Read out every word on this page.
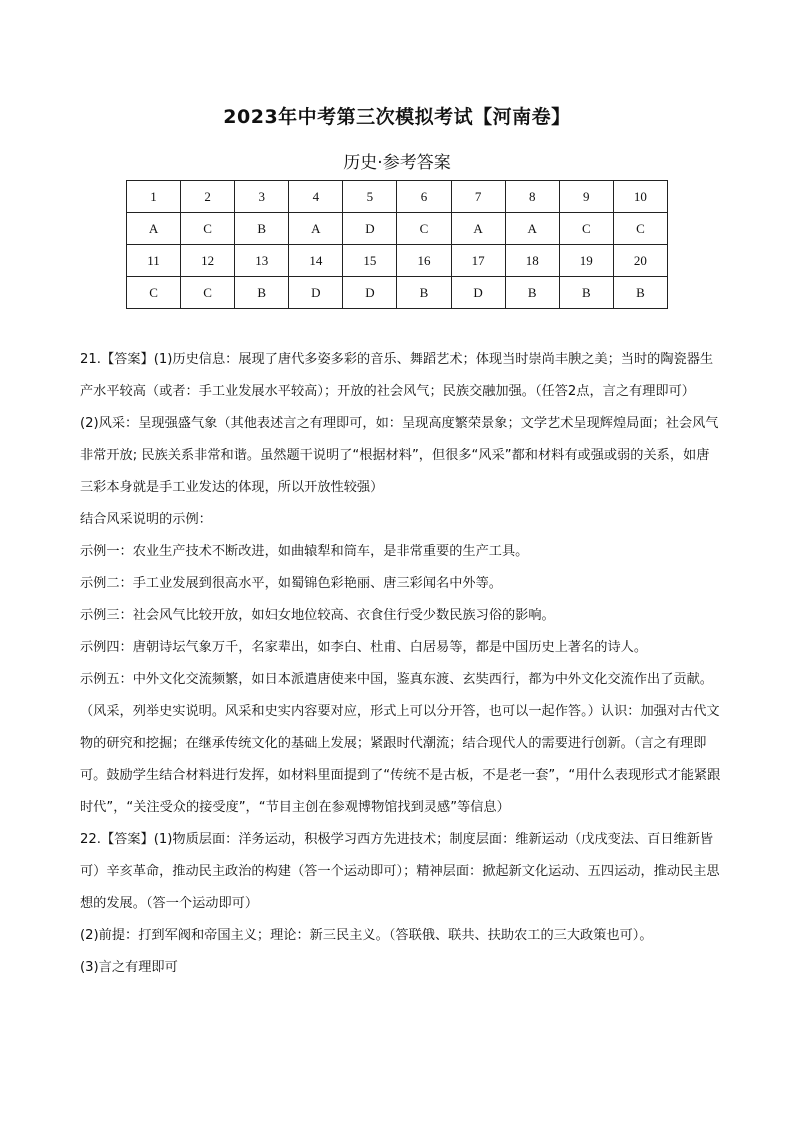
2023年中考第三次模拟考试【河南卷】
历史·参考答案
1	2	3	4	5	6	7	8	9	10
A	C	B	A	D	C	A	A	C	C
11	12	13	14	15	16	17	18	19	20
C	C	B	D	D	B	D	B	B	B

21.【答案】(1)历史信息：展现了唐代多姿多彩的音乐、舞蹈艺术；体现当时崇尚丰腴之美；当时的陶瓷器生产水平较高（或者：手工业发展水平较高）；开放的社会风气；民族交融加强。（任答2点，言之有理即可）

(2)风采：呈现强盛气象（其他表述言之有理即可，如：呈现高度繁荣景象；文学艺术呈现辉煌局面；社会风气非常开放; 民族关系非常和谐。虽然题干说明了“根据材料”，但很多“风采”都和材料有或强或弱的关系，如唐三彩本身就是手工业发达的体现，所以开放性较强）

结合风采说明的示例：

示例一：农业生产技术不断改进，如曲辕犁和筒车，是非常重要的生产工具。

示例二：手工业发展到很高水平，如蜀锦色彩艳丽、唐三彩闻名中外等。

示例三：社会风气比较开放，如妇女地位较高、衣食住行受少数民族习俗的影响。

示例四：唐朝诗坛气象万千，名家辈出，如李白、杜甫、白居易等，都是中国历史上著名的诗人。

示例五：中外文化交流频繁，如日本派遣唐使来中国，鉴真东渡、玄奘西行，都为中外文化交流作出了贡献。（风采，列举史实说明。风采和史实内容要对应，形式上可以分开答，也可以一起作答。）认识：加强对古代文物的研究和挖掘；在继承传统文化的基础上发展；紧跟时代潮流；结合现代人的需要进行创新。（言之有理即可。鼓励学生结合材料进行发挥，如材料里面提到了“传统不是古板，不是老一套”，“用什么表现形式才能紧跟时代”，“关注受众的接受度”，“节目主创在参观博物馆找到灵感”等信息）

22.【答案】(1)物质层面：洋务运动，积极学习西方先进技术；制度层面：维新运动（戊戌变法、百日维新皆可）辛亥革命，推动民主政治的构建（答一个运动即可）；精神层面：掀起新文化运动、五四运动，推动民主思想的发展。（答一个运动即可）

(2)前提：打到军阀和帝国主义；理论：新三民主义。（答联俄、联共、扶助农工的三大政策也可）。

(3)言之有理即可
